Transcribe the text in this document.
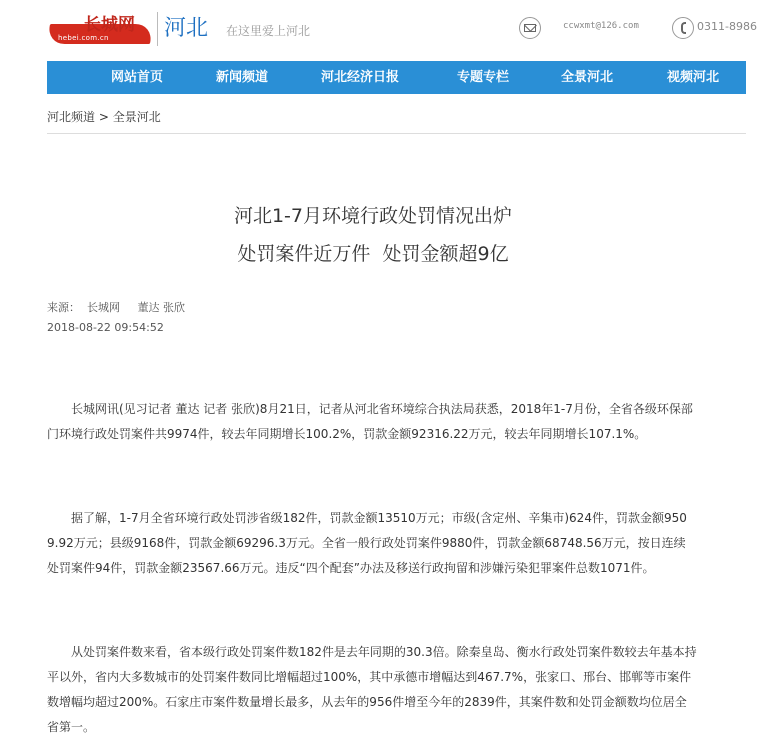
长城网
hebei.com.cn	河北 在这里爱上河北	ccwxmt@126.com	0311-8986
网站首页	新闻频道	河北经济日报	专题专栏	全景河北	视频河北
河北频道 > 全景河北
河北1-7月环境行政处罚情况出炉
处罚案件近万件  处罚金额超9亿
来源：  长城网     董达 张欣
2018-08-22 09:54:52

长城网讯(见习记者 董达 记者 张欣)8月21日，记者从河北省环境综合执法局获悉，2018年1-7月份，全省各级环保部门环境行政处罚案件共9974件，较去年同期增长100.2%，罚款金额92316.22万元，较去年同期增长107.1%。

据了解，1-7月全省环境行政处罚涉省级182件，罚款金额13510万元；市级(含定州、辛集市)624件，罚款金额9509.92万元；县级9168件，罚款金额69296.3万元。全省一般行政处罚案件9880件，罚款金额68748.56万元，按日连续处罚案件94件，罚款金额23567.66万元。违反“四个配套”办法及移送行政拘留和涉嫌污染犯罪案件总数1071件。

从处罚案件数来看，省本级行政处罚案件数182件是去年同期的30.3倍。除秦皇岛、衡水行政处罚案件数较去年基本持平以外，省内大多数城市的处罚案件数同比增幅超过100%，其中承德市增幅达到467.7%，张家口、邢台、邯郸等市案件数增幅均超过200%。石家庄市案件数量增长最多，从去年的956件增至今年的2839件，其案件数和处罚金额数均位居全省第一。
